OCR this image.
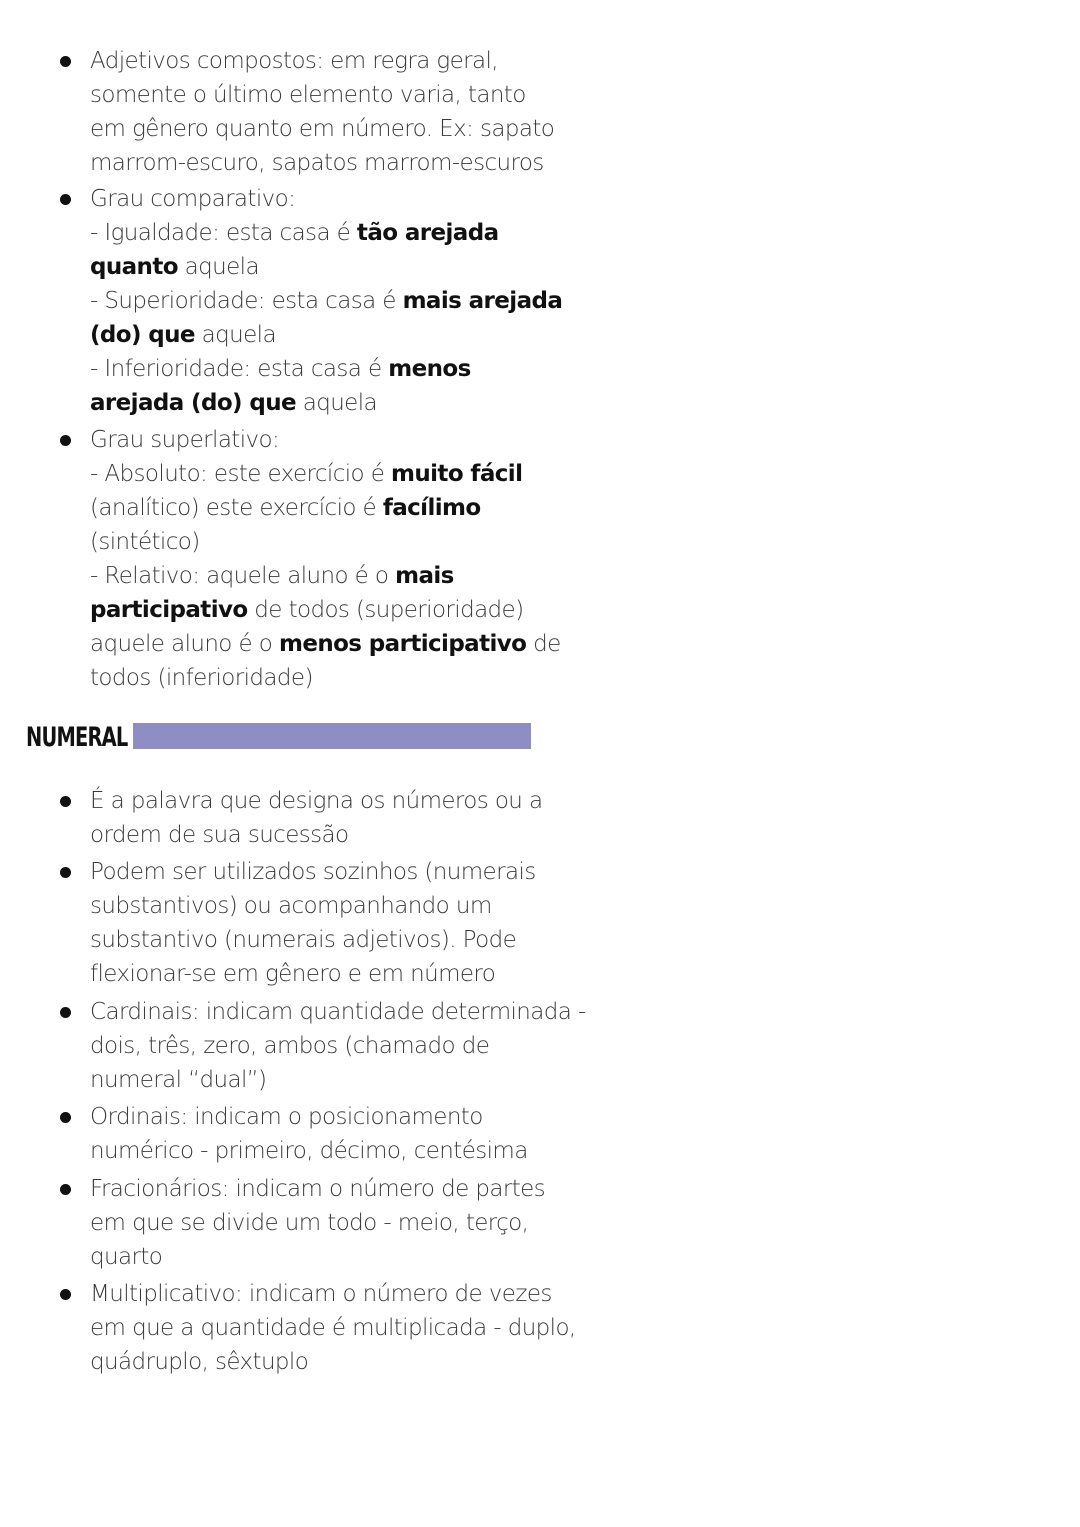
Adjetivos compostos: em regra geral,
somente o último elemento varia, tanto
em gênero quanto em número. Ex: sapato
marrom-escuro, sapatos marrom-escuros
Grau comparativo:
- Igualdade: esta casa é tão arejada
quanto aquela
- Superioridade: esta casa é mais arejada
(do) que aquela
- Inferioridade: esta casa é menos
arejada (do) que aquela
Grau superlativo:
- Absoluto: este exercício é muito fácil
(analítico) este exercício é facílimo
(sintético)
- Relativo: aquele aluno é o mais
participativo de todos (superioridade)
aquele aluno é o menos participativo de
todos (inferioridade)
É a palavra que designa os números ou a
ordem de sua sucessão
Podem ser utilizados sozinhos (numerais
substantivos) ou acompanhando um
substantivo (numerais adjetivos). Pode
flexionar-se em gênero e em número
Cardinais: indicam quantidade determinada -
dois, três, zero, ambos (chamado de
numeral “dual”)
Ordinais: indicam o posicionamento
numérico - primeiro, décimo, centésima
Fracionários: indicam o número de partes
em que se divide um todo - meio, terço,
quarto
Multiplicativo: indicam o número de vezes
em que a quantidade é multiplicada - duplo,
quádruplo, sêxtuplo
NUMERAL
